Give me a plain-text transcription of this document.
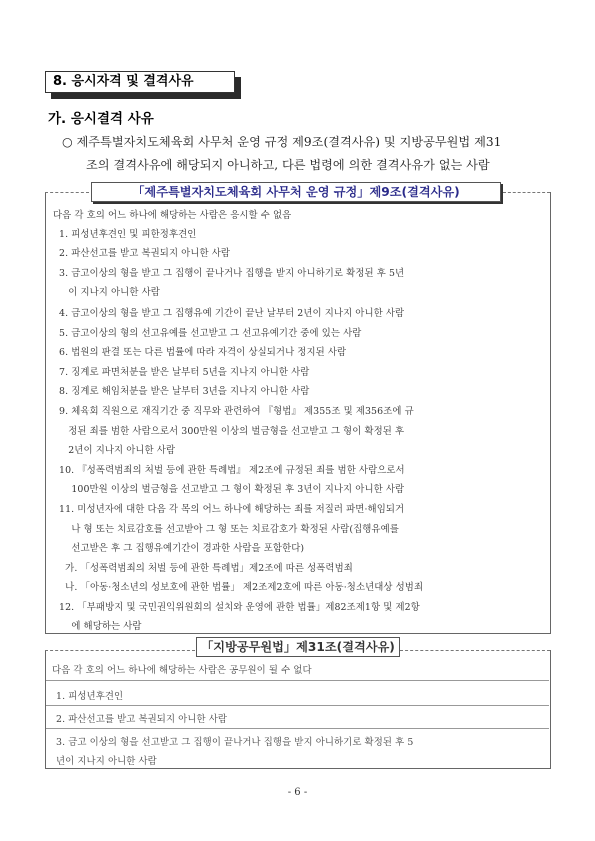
8. 응시자격 및 결격사유
가. 응시결격 사유
○ 제주특별자치도체육회 사무처 운영 규정 제9조(결격사유) 및 지방공무원법 제31
조의 결격사유에 해당되지 아니하고, 다른 법령에 의한 결격사유가 없는 사람
「제주특별자치도체육회 사무처 운영 규정」제9조(결격사유)
다음 각 호의 어느 하나에 해당하는 사람은 응시할 수 없음
1. 피성년후견인 및 피한정후견인
2. 파산선고를 받고 복권되지 아니한 사람
3. 금고이상의 형을 받고 그 집행이 끝나거나 집행을 받지 아니하기로 확정된 후 5년
이 지나지 아니한 사람
4. 금고이상의 형을 받고 그 집행유예 기간이 끝난 날부터 2년이 지나지 아니한 사람
5. 금고이상의 형의 선고유예를 선고받고 그 선고유예기간 중에 있는 사람
6. 법원의 판결 또는 다른 법률에 따라 자격이 상실되거나 정지된 사람
7. 징계로 파면처분을 받은 날부터 5년을 지나지 아니한 사람
8. 징계로 해임처분을 받은 날부터 3년을 지나지 아니한 사람
9. 체육회 직원으로 재직기간 중 직무와 관련하여 『형법』 제355조 및 제356조에 규
정된 죄를 범한 사람으로서 300만원 이상의 벌금형을 선고받고 그 형이 확정된 후
2년이 지나지 아니한 사람
10. 『성폭력범죄의 처벌 등에 관한 특례법』 제2조에 규정된 죄를 범한 사람으로서
100만원 이상의 벌금형을 선고받고 그 형이 확정된 후 3년이 지나지 아니한 사람
11. 미성년자에 대한 다음 각 목의 어느 하나에 해당하는 죄를 저질러 파면·해임되거
나 형 또는 치료감호를 선고받아 그 형 또는 치료감호가 확정된 사람(집행유예를
선고받은 후 그 집행유예기간이 경과한 사람을 포함한다)
가. 「성폭력범죄의 처벌 등에 관한 특례법」제2조에 따른 성폭력범죄
나. 「아동·청소년의 성보호에 관한 법률」 제2조제2호에 따른 아동·청소년대상 성범죄
12. 「부패방지 및 국민권익위원회의 설치와 운영에 관한 법률」제82조제1항 및 제2항
에 해당하는 사람
「지방공무원법」제31조(결격사유)
다음 각 호의 어느 하나에 해당하는 사람은 공무원이 될 수 없다
1. 피성년후견인
2. 파산선고를 받고 복권되지 아니한 사람
3. 금고 이상의 형을 선고받고 그 집행이 끝나거나 집행을 받지 아니하기로 확정된 후 5
년이 지나지 아니한 사람
- 6 -
